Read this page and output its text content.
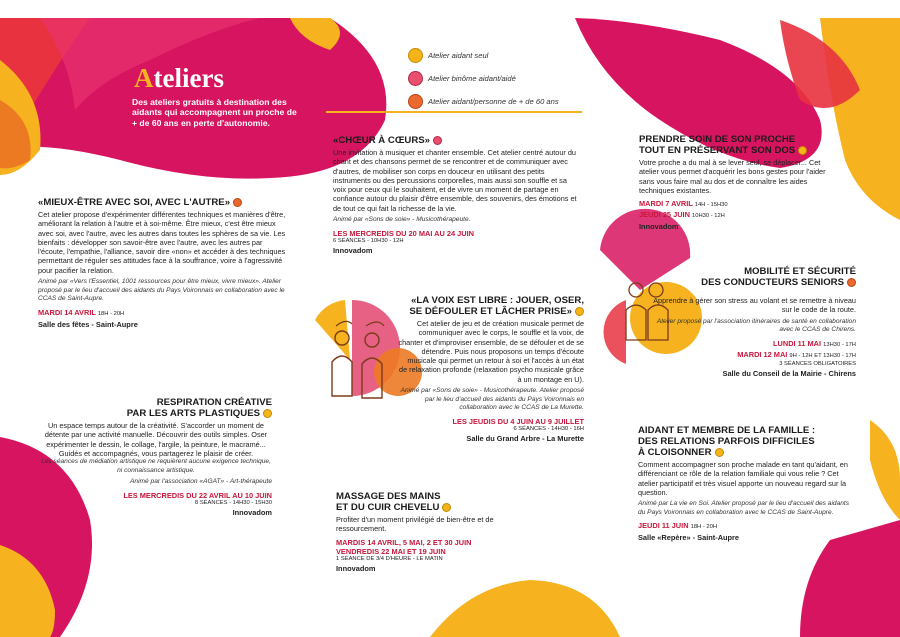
Ateliers

Des ateliers gratuits à destination des aidants qui accompagnent un proche de + de 60 ans en perte d'autonomie.

Atelier aidant seul
Atelier binôme aidant/aidé
Atelier aidant/personne de + de 60 ans
«MIEUX-ÊTRE AVEC SOI, AVEC L'AUTRE»

Cet atelier propose d'expérimenter différentes techniques et manières d'être, améliorant la relation à l'autre et à soi-même. Être mieux, c'est être mieux avec soi, avec l'autre, avec les autres dans toutes les sphères de sa vie. Les bienfaits : développer son savoir-être avec l'autre, avec les autres par l'écoute, l'empathie, l'alliance, savoir dire «non» et accéder à des techniques permettant de réguler ses attitudes face à la souffrance, voire à l'agressivité pour pacifier la relation.

Animé par «Vers l'Essentiel, 1001 ressources pour être mieux, vivre mieux». Atelier proposé par le lieu d'accueil des aidants du Pays Voironnais en collaboration avec le CCAS de Saint-Aupre.

MARDI 14 AVRIL 18H - 20H

Salle des fêtes - Saint-Aupre

RESPIRATION CRÉATIVE
PAR LES ARTS PLASTIQUES

Un espace temps autour de la créativité. S'accorder un moment de détente par une activité manuelle. Découvrir des outils simples. Oser expérimenter le dessin, le collage, l'argile, la peinture, le macramé... Guidés et accompagnés, vous partagerez le plaisir de créer.

Les séances de médiation artistique ne requièrent aucune exigence technique, ni connaissance artistique.

Animé par l'association «AGAT» - Art-thérapeute

LES MERCREDIS DU 22 AVRIL AU 10 JUIN

8 SÉANCES - 14H30 - 15H30

Innovadom

«CHŒUR À CŒURS»

Une invitation à musiquer et chanter ensemble. Cet atelier centré autour du chant et des chansons permet de se rencontrer et de communiquer avec d'autres, de mobiliser son corps en douceur en utilisant des petits instruments ou des percussions corporelles, mais aussi son souffle et sa voix pour ceux qui le souhaitent, et de vivre un moment de partage en confiance autour du plaisir d'être ensemble, des souvenirs, des émotions et de tout ce qui fait la richesse de la vie.

Animé par «Sons de soie» - Musicothérapeute.

LES MERCREDIS DU 20 MAI AU 24 JUIN

6 SÉANCES - 10H30 - 12H

Innovadom

«LA VOIX EST LIBRE : JOUER, OSER,
SE DÉFOULER ET LÂCHER PRISE»

Cet atelier de jeu et de création musicale permet de communiquer avec le corps, le souffle et la voix, de chanter et d'improviser ensemble, de se défouler et de se détendre. Puis nous proposons un temps d'écoute musicale qui permet un retour à soi et l'accès à un état de relaxation profonde (relaxation psycho musicale grâce à un montage en U).

Animé par «Sons de soie» - Musicothérapeute. Atelier proposé par le lieu d'accueil des aidants du Pays Voironnais en collaboration avec le CCAS de La Murette.

LES JEUDIS DU 4 JUIN AU 9 JUILLET

6 SÉANCES - 14H30 - 16H

Salle du Grand Arbre - La Murette

MASSAGE DES MAINS
ET DU CUIR CHEVELU

Profiter d'un moment privilégié de bien-être et de ressourcement.

MARDIS 14 AVRIL, 5 MAI, 2 ET 30 JUIN

VENDREDIS 22 MAI ET 19 JUIN

1 SÉANCE DE 3/4 D'HEURE - LE MATIN

Innovadom

PRENDRE SOIN DE SON PROCHE
TOUT EN PRÉSERVANT SON DOS

Votre proche a du mal à se lever seul, se déplacer... Cet atelier vous permet d'acquérir les bons gestes pour l'aider sans vous faire mal au dos et de connaître les aides techniques existantes.

MARDI 7 AVRIL 14H - 15H30

JEUDI 25 JUIN 10H30 - 12H

Innovadom

MOBILITÉ ET SÉCURITÉ
DES CONDUCTEURS SENIORS

Apprendre à gérer son stress au volant et se remettre à niveau sur le code de la route.

Atelier proposé par l'association itinéraires de santé en collaboration avec le CCAS de Chirens.

LUNDI 11 MAI 13H30 - 17H

MARDI 12 MAI 9H - 12H ET 13H30 - 17H

3 SÉANCES OBLIGATOIRES

Salle du Conseil de la Mairie - Chirens

AIDANT ET MEMBRE DE LA FAMILLE :
DES RELATIONS PARFOIS DIFFICILES
À CLOISONNER

Comment accompagner son proche malade en tant qu'aidant, en différenciant ce rôle de la relation familiale qui vous relie ? Cet atelier participatif et très visuel apporte un nouveau regard sur la question.

Animé par La vie en Soi. Atelier proposé par le lieu d'accueil des aidants du Pays Voironnais en collaboration avec le CCAS de Saint-Aupre.

JEUDI 11 JUIN 18H - 20H

Salle «Repère» - Saint-Aupre
